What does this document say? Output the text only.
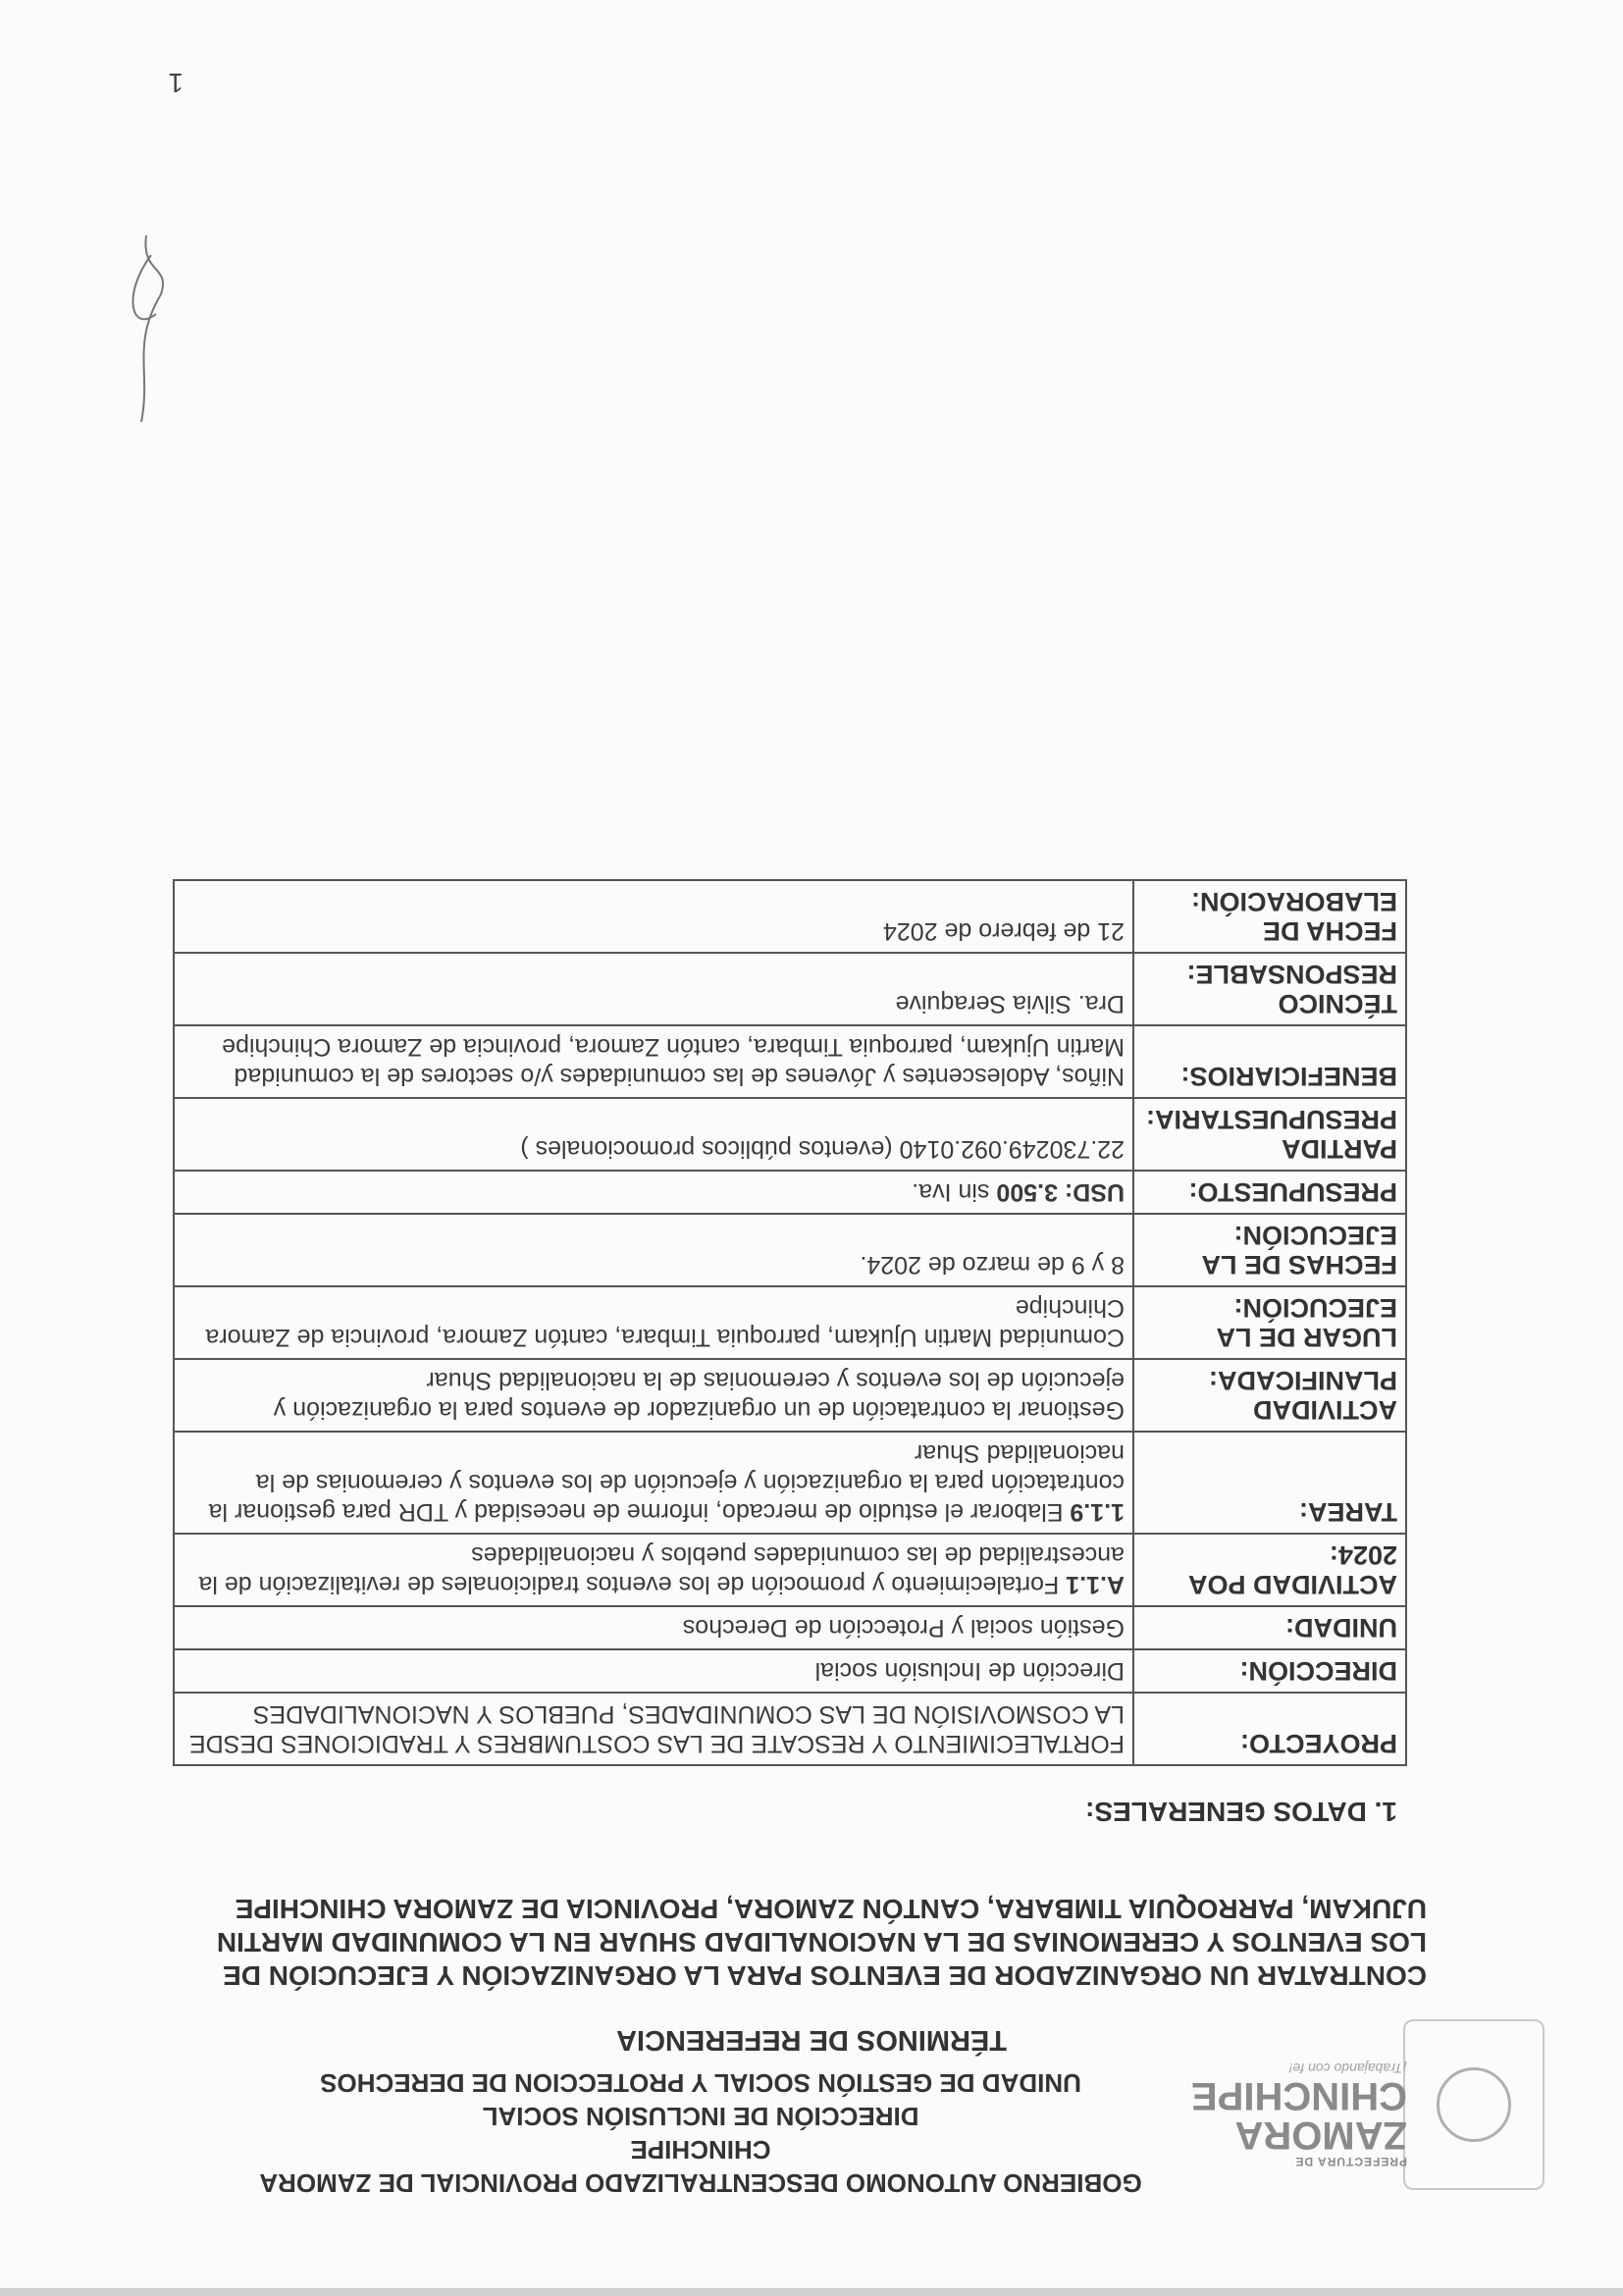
PREFECTURA DE
ZAMORA
CHINCHIPE
¡Trabajando con fe!
GOBIERNO AUTONOMO DESCENTRALIZADO PROVINCIAL DE ZAMORA CHINCHIPE
DIRECCIÓN DE INCLUSIÓN SOCIAL
UNIDAD DE GESTIÓN SOCIAL Y PROTECCION DE DERECHOS
TÉRMINOS DE REFERENCIA
CONTRATAR UN ORGANIZADOR DE EVENTOS PARA LA ORGANIZACIÓN Y EJECUCIÓN DE LOS EVENTOS Y CEREMONIAS DE LA NACIONALIDAD SHUAR EN LA COMUNIDAD MARTIN UJUKAM, PARROQUIA TIMBARA, CANTÓN ZAMORA, PROVINCIA DE ZAMORA CHINCHIPE
1. DATOS GENERALES:
PROYECTO:	FORTALECIMIENTO Y RESCATE DE LAS COSTUMBRES Y TRADICIONES DESDE LA COSMOVISIÓN DE LAS COMUNIDADES, PUEBLOS Y NACIONALIDADES
DIRECCIÓN:	Dirección de Inclusión social
UNIDAD:	Gestión social y Protección de Derechos
ACTIVIDAD POA 2024:	A.1.1 Fortalecimiento y promoción de los eventos tradicionales de revitalización de la ancestralidad de las comunidades pueblos y nacionalidades
TAREA:	1.1.9 Elaborar el estudio de mercado, informe de necesidad y TDR para gestionar la contratación para la organización y ejecución de los eventos y ceremonias de la nacionalidad Shuar
ACTIVIDAD PLANIFICADA:	Gestionar la contratación de un organizador de eventos para la organización y ejecución de los eventos y ceremonias de la nacionalidad Shuar
LUGAR DE LA EJECUCIÓN:	Comunidad Martin Ujukam, parroquia Timbara, cantón Zamora, provincia de Zamora Chinchipe
FECHAS DE LA EJECUCIÓN:	8 y 9 de marzo de 2024.
PRESUPUESTO:	USD: 3.500 sin Iva.
PARTIDA PRESUPUESTARIA:	22.730249.092.0140 (eventos públicos promocionales )
BENEFICIARIOS:	Niños, Adolescentes y Jóvenes de las comunidades y/o sectores de la comunidad Martin Ujukam, parroquia Timbara, cantón Zamora, provincia de Zamora Chinchipe
TÉCNICO RESPONSABLE:	Dra. Silvia Seraquive
FECHA DE ELABORACIÓN:	21 de febrero de 2024
1
